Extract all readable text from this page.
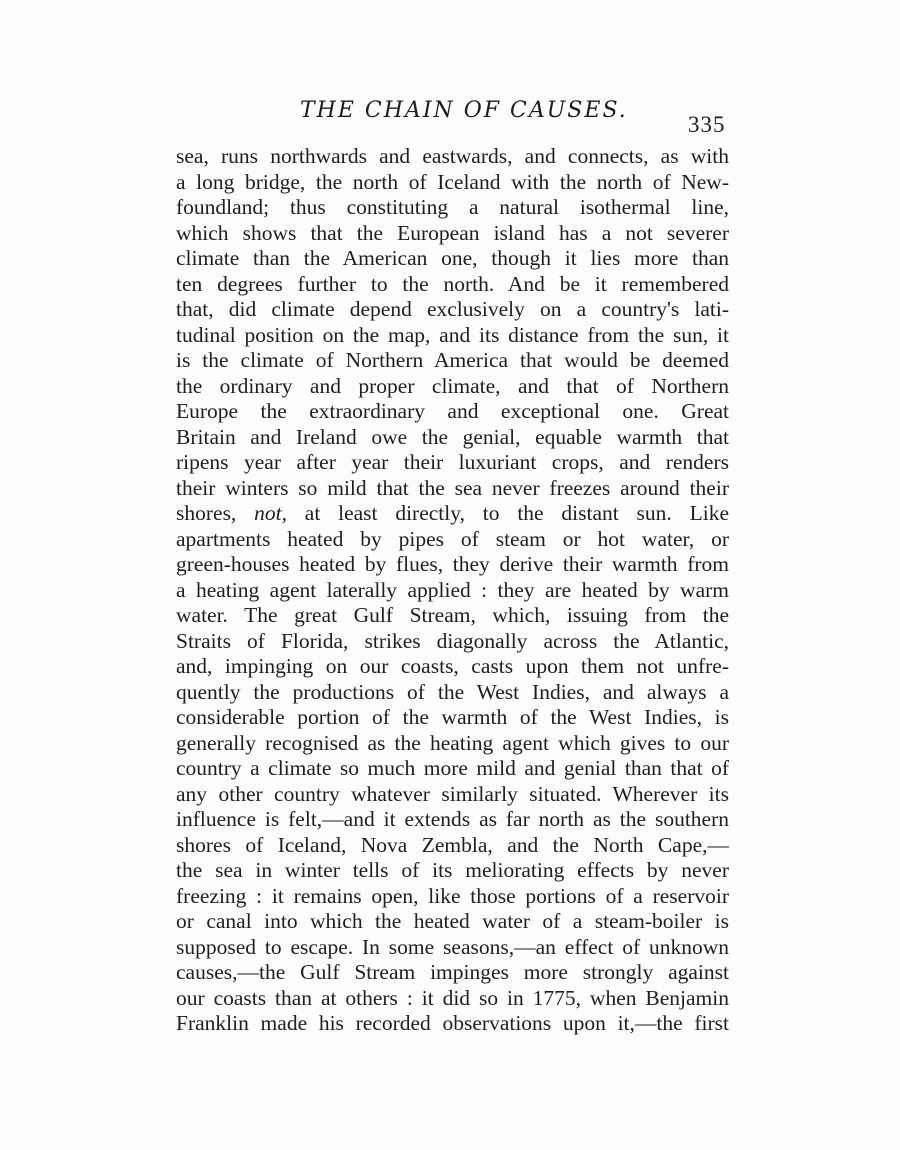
THE CHAIN OF CAUSES.
335
sea, runs northwards and eastwards, and connects, as with
a long bridge, the north of Iceland with the north of New-
foundland; thus constituting a natural isothermal line,
which shows that the European island has a not severer
climate than the American one, though it lies more than
ten degrees further to the north. And be it remembered
that, did climate depend exclusively on a country's lati-
tudinal position on the map, and its distance from the sun, it
is the climate of Northern America that would be deemed
the ordinary and proper climate, and that of Northern
Europe the extraordinary and exceptional one. Great
Britain and Ireland owe the genial, equable warmth that
ripens year after year their luxuriant crops, and renders
their winters so mild that the sea never freezes around their
shores, not, at least directly, to the distant sun. Like
apartments heated by pipes of steam or hot water, or
green-houses heated by flues, they derive their warmth from
a heating agent laterally applied : they are heated by warm
water. The great Gulf Stream, which, issuing from the
Straits of Florida, strikes diagonally across the Atlantic,
and, impinging on our coasts, casts upon them not unfre-
quently the productions of the West Indies, and always a
considerable portion of the warmth of the West Indies, is
generally recognised as the heating agent which gives to our
country a climate so much more mild and genial than that of
any other country whatever similarly situated. Wherever its
influence is felt,—and it extends as far north as the southern
shores of Iceland, Nova Zembla, and the North Cape,—
the sea in winter tells of its meliorating effects by never
freezing : it remains open, like those portions of a reservoir
or canal into which the heated water of a steam-boiler is
supposed to escape. In some seasons,—an effect of unknown
causes,—the Gulf Stream impinges more strongly against
our coasts than at others : it did so in 1775, when Benjamin
Franklin made his recorded observations upon it,—the first
